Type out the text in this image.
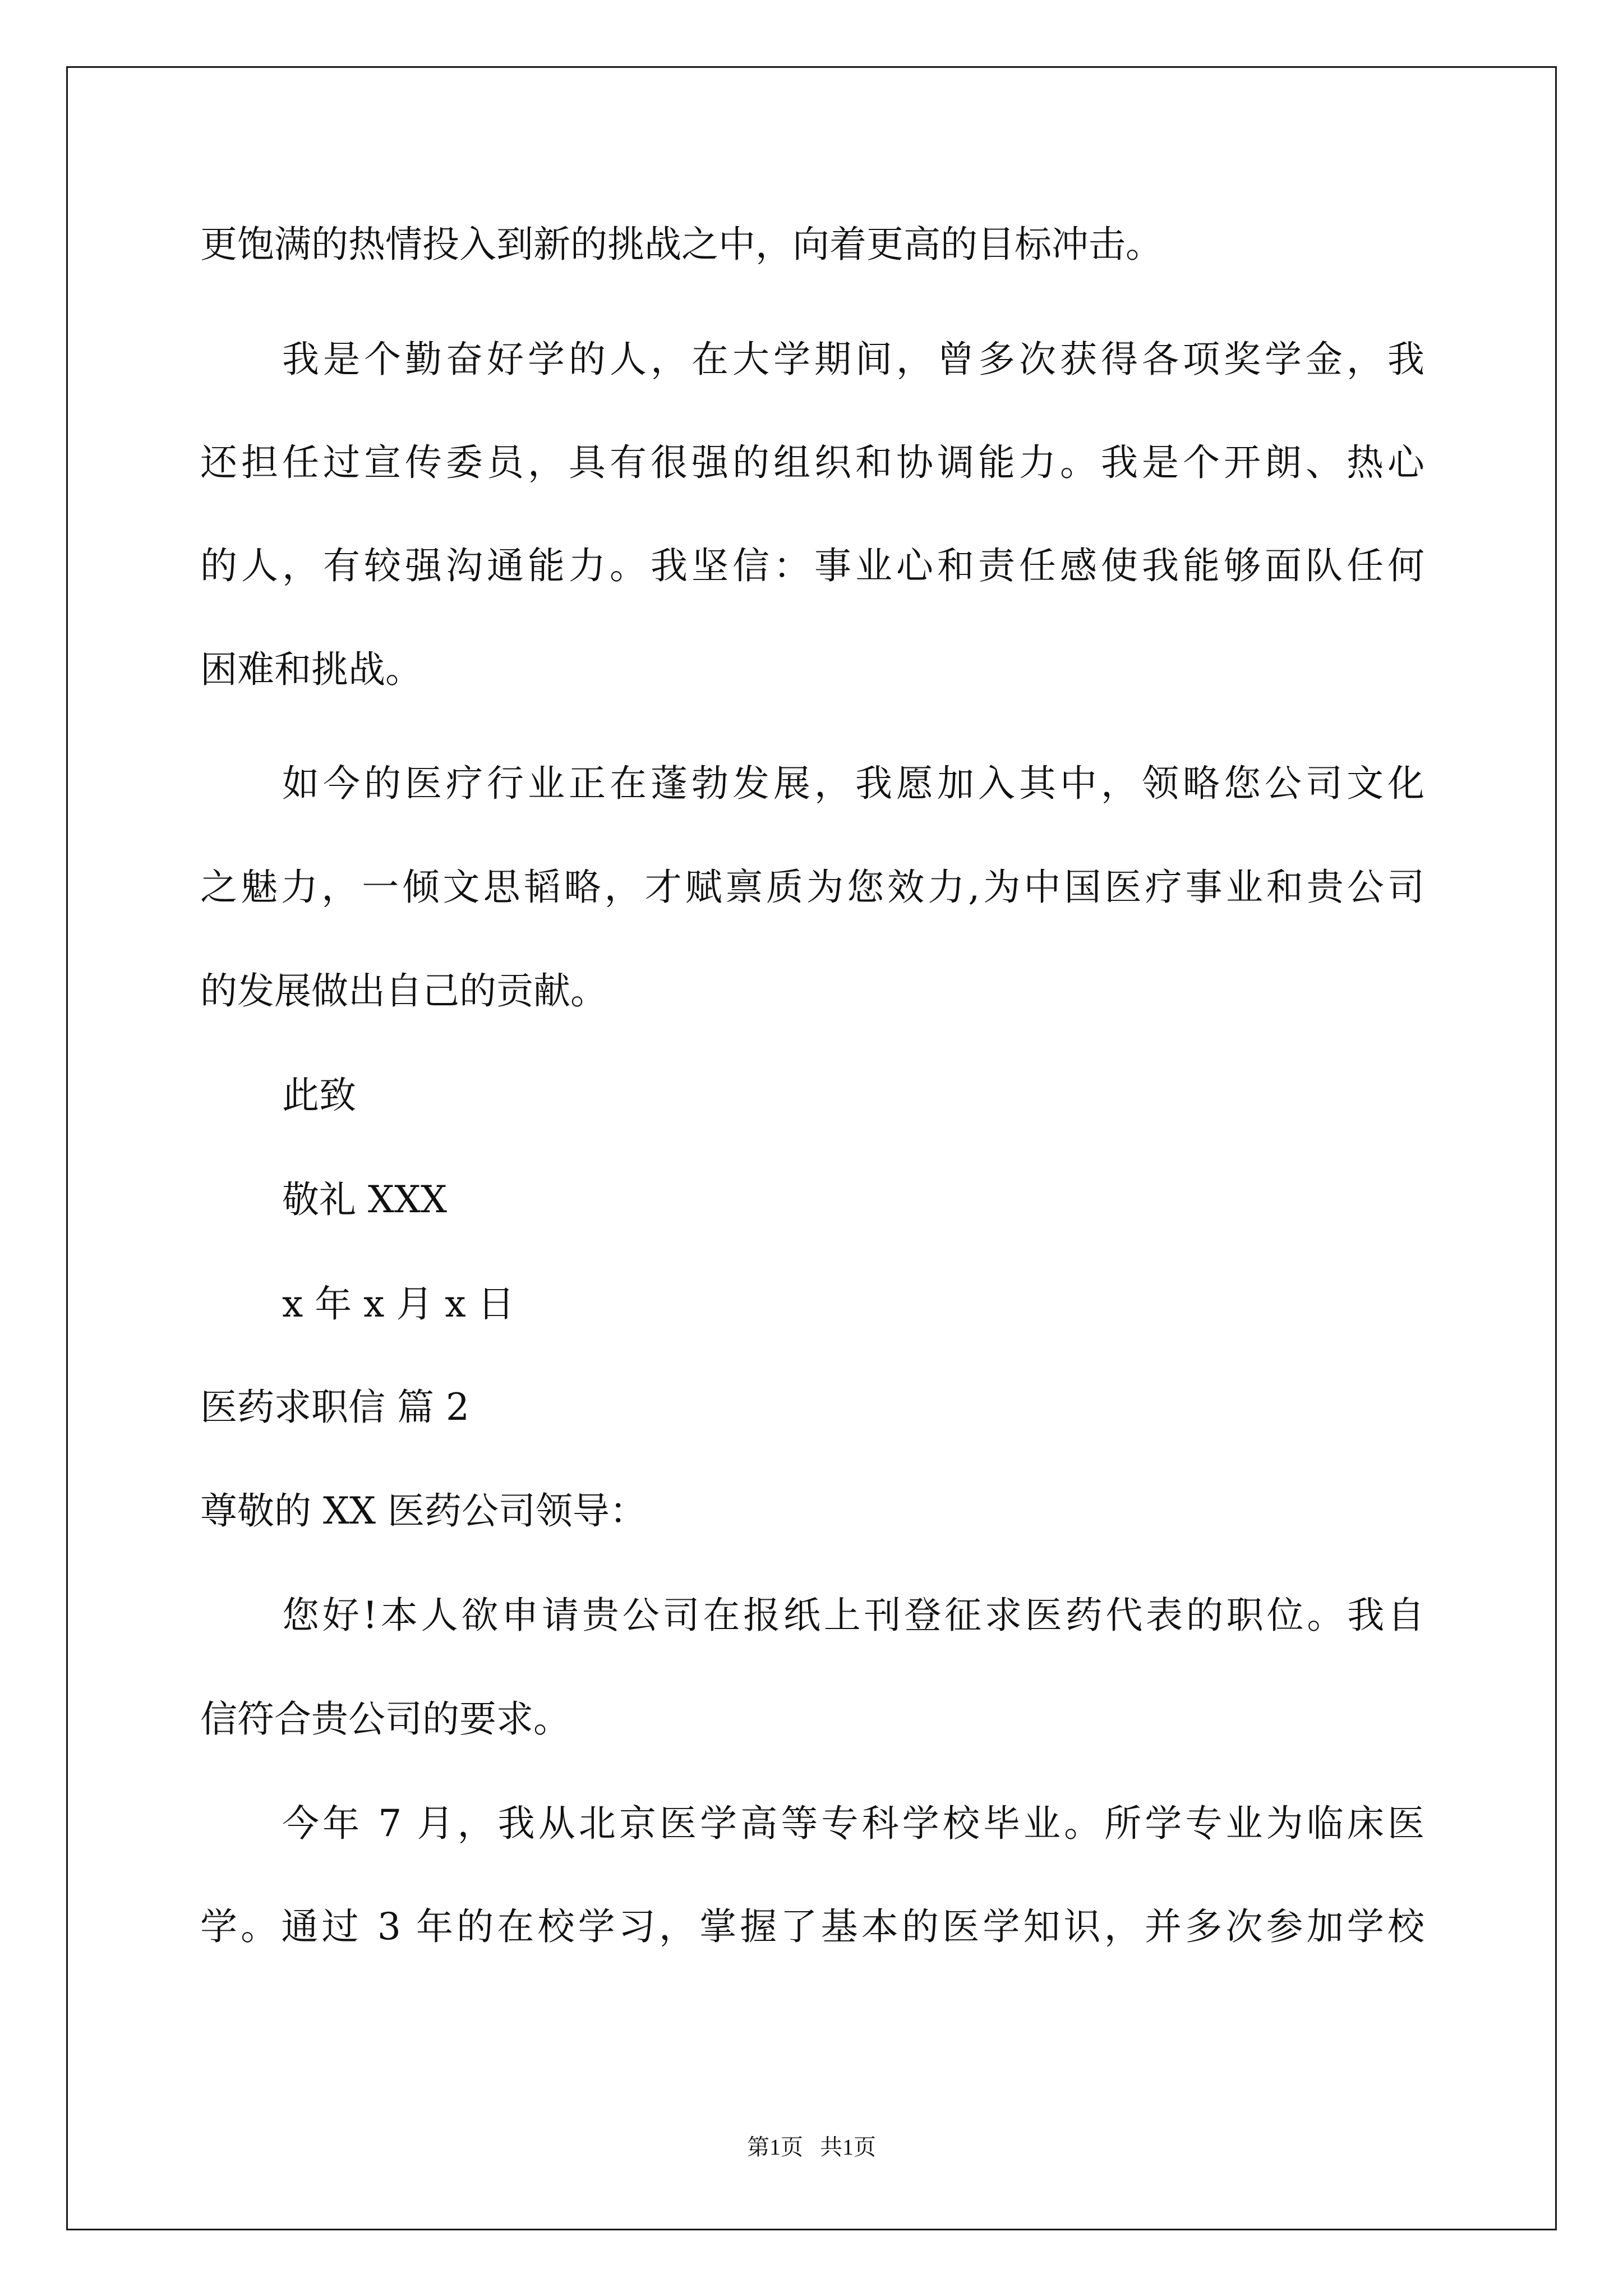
更饱满的热情投入到新的挑战之中，向着更高的目标冲击。
我是个勤奋好学的人，在大学期间，曾多次获得各项奖学金，我
还担任过宣传委员，具有很强的组织和协调能力。我是个开朗、热心
的人，有较强沟通能力。我坚信：事业心和责任感使我能够面队任何
困难和挑战。
如今的医疗行业正在蓬勃发展，我愿加入其中，领略您公司文化
之魅力，一倾文思韬略，才赋禀质为您效力,为中国医疗事业和贵公司
的发展做出自己的贡献。
此致
敬礼 XXX
x 年 x 月 x 日
医药求职信 篇 2
尊敬的 XX 医药公司领导：
您好!本人欲申请贵公司在报纸上刊登征求医药代表的职位。我自
信符合贵公司的要求。
今年 7 月，我从北京医学高等专科学校毕业。所学专业为临床医
学。通过 3 年的在校学习，掌握了基本的医学知识，并多次参加学校
第1页   共1页
